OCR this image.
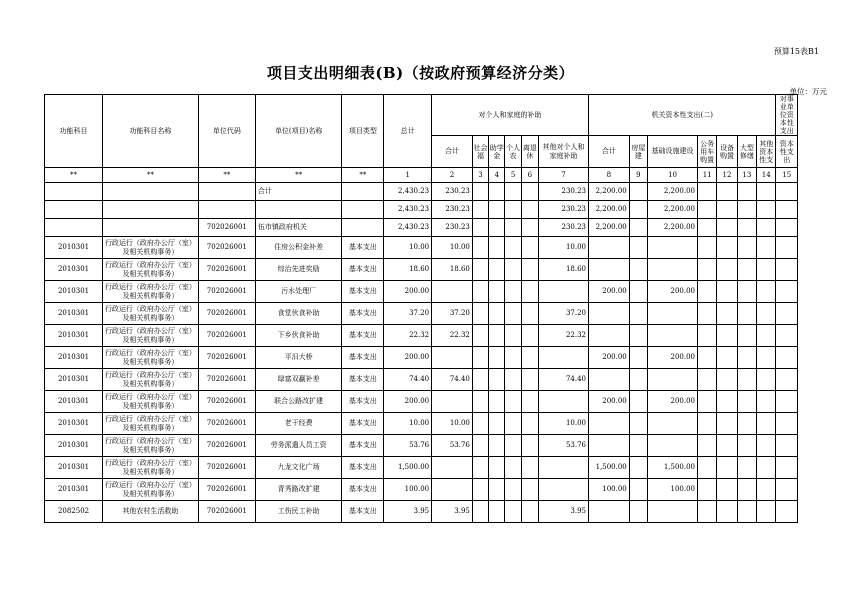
预算15表B1
项目支出明细表(B)（按政府预算经济分类）
单位：万元
功能科目	功能科目名称	单位代码	单位(项目)名称	项目类型	总计	对个人和家庭的补助						机关资本性支出(二)							对事业单位资本性支出
						合计	社会福	助学金	个人农	离退休	其他对个人和家庭补助	合计	房屋建	基础设施建设	公务用车购置	设备购置	大型修缮	其他资本性支	资本性支出
**	**	**	**	**	1	2	3	4	5	6	7	8	9	10	11	12	13	14	15
			合计		2,430.23	230.23					230.23	2,200.00		2,200.00					
					2,430.23	230.23					230.23	2,200.00		2,200.00					
		702026001	伍市镇政府机关		2,430.23	230.23					230.23	2,200.00		2,200.00					
2010301	行政运行（政府办公厅（室）及相关机构事务）	702026001	住房公积金补差	基本支出	10.00	10.00					10.00								
2010301	行政运行（政府办公厅（室）及相关机构事务）	702026001	综治先进奖励	基本支出	18.60	18.60					18.60								
2010301	行政运行（政府办公厅（室）及相关机构事务）	702026001	污水处理厂	基本支出	200.00							200.00		200.00					
2010301	行政运行（政府办公厅（室）及相关机构事务）	702026001	食堂伙食补助	基本支出	37.20	37.20					37.20								
2010301	行政运行（政府办公厅（室）及相关机构事务）	702026001	下乡伙食补助	基本支出	22.32	22.32					22.32								
2010301	行政运行（政府办公厅（室）及相关机构事务）	702026001	平汨大桥	基本支出	200.00							200.00		200.00					
2010301	行政运行（政府办公厅（室）及相关机构事务）	702026001	绿富双赢补差	基本支出	74.40	74.40					74.40								
2010301	行政运行（政府办公厅（室）及相关机构事务）	702026001	联合公路改扩建	基本支出	200.00							200.00		200.00					
2010301	行政运行（政府办公厅（室）及相关机构事务）	702026001	老干经费	基本支出	10.00	10.00					10.00								
2010301	行政运行（政府办公厅（室）及相关机构事务）	702026001	劳务派遣人员工资	基本支出	53.76	53.76					53.76								
2010301	行政运行（政府办公厅（室）及相关机构事务）	702026001	九龙文化广场	基本支出	1,500.00							1,500.00		1,500.00					
2010301	行政运行（政府办公厅（室）及相关机构事务）	702026001	青秀路改扩建	基本支出	100.00							100.00		100.00					
2082502	其他农村生活救助	702026001	工伤民工补助	基本支出	3.95	3.95					3.95								
